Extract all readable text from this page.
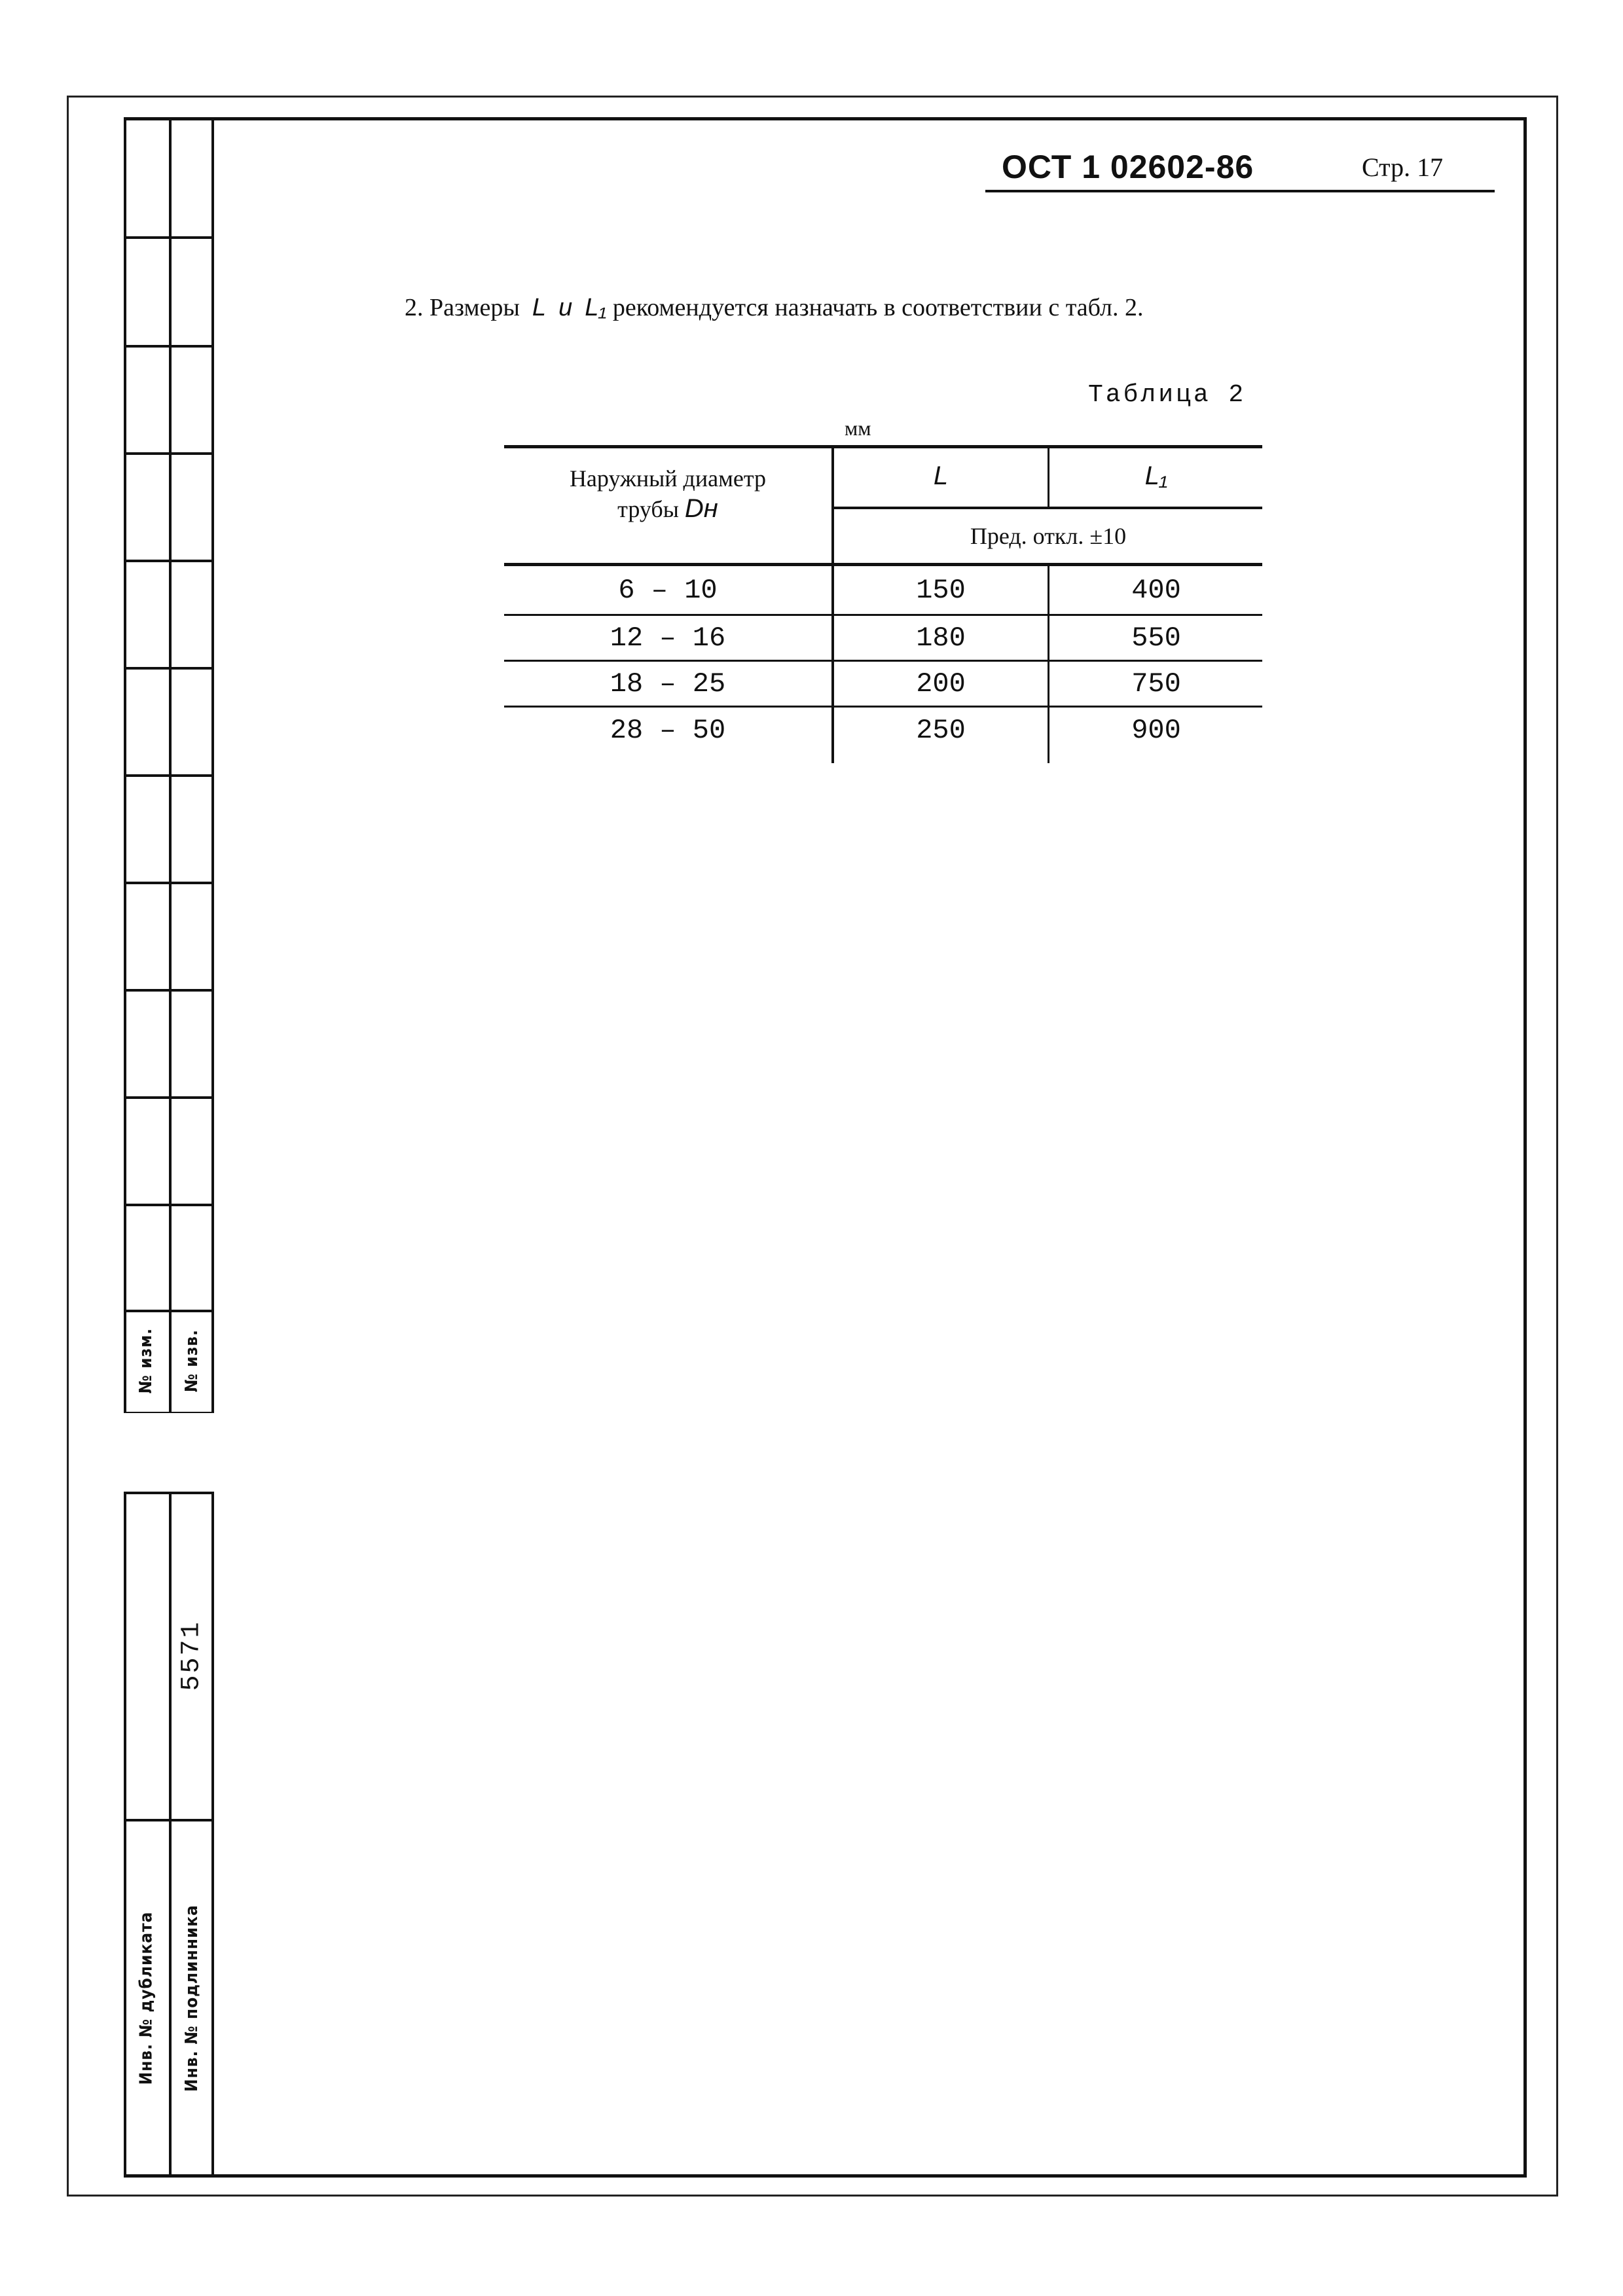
№ изм. № изв.
5571
Инв. № дубликата Инв. № подлинника
ОСТ 1 02602-86	Стр. 17
2. Размеры L и L₁ рекомендуется назначать в соответствии с табл. 2.
Таблица 2
мм
Наружный диаметр
трубы Dн
L	L₁
Пред. откл. ±10
6 – 10	150	400
12 – 16	180	550
18 – 25	200	750
28 – 50	250	900
